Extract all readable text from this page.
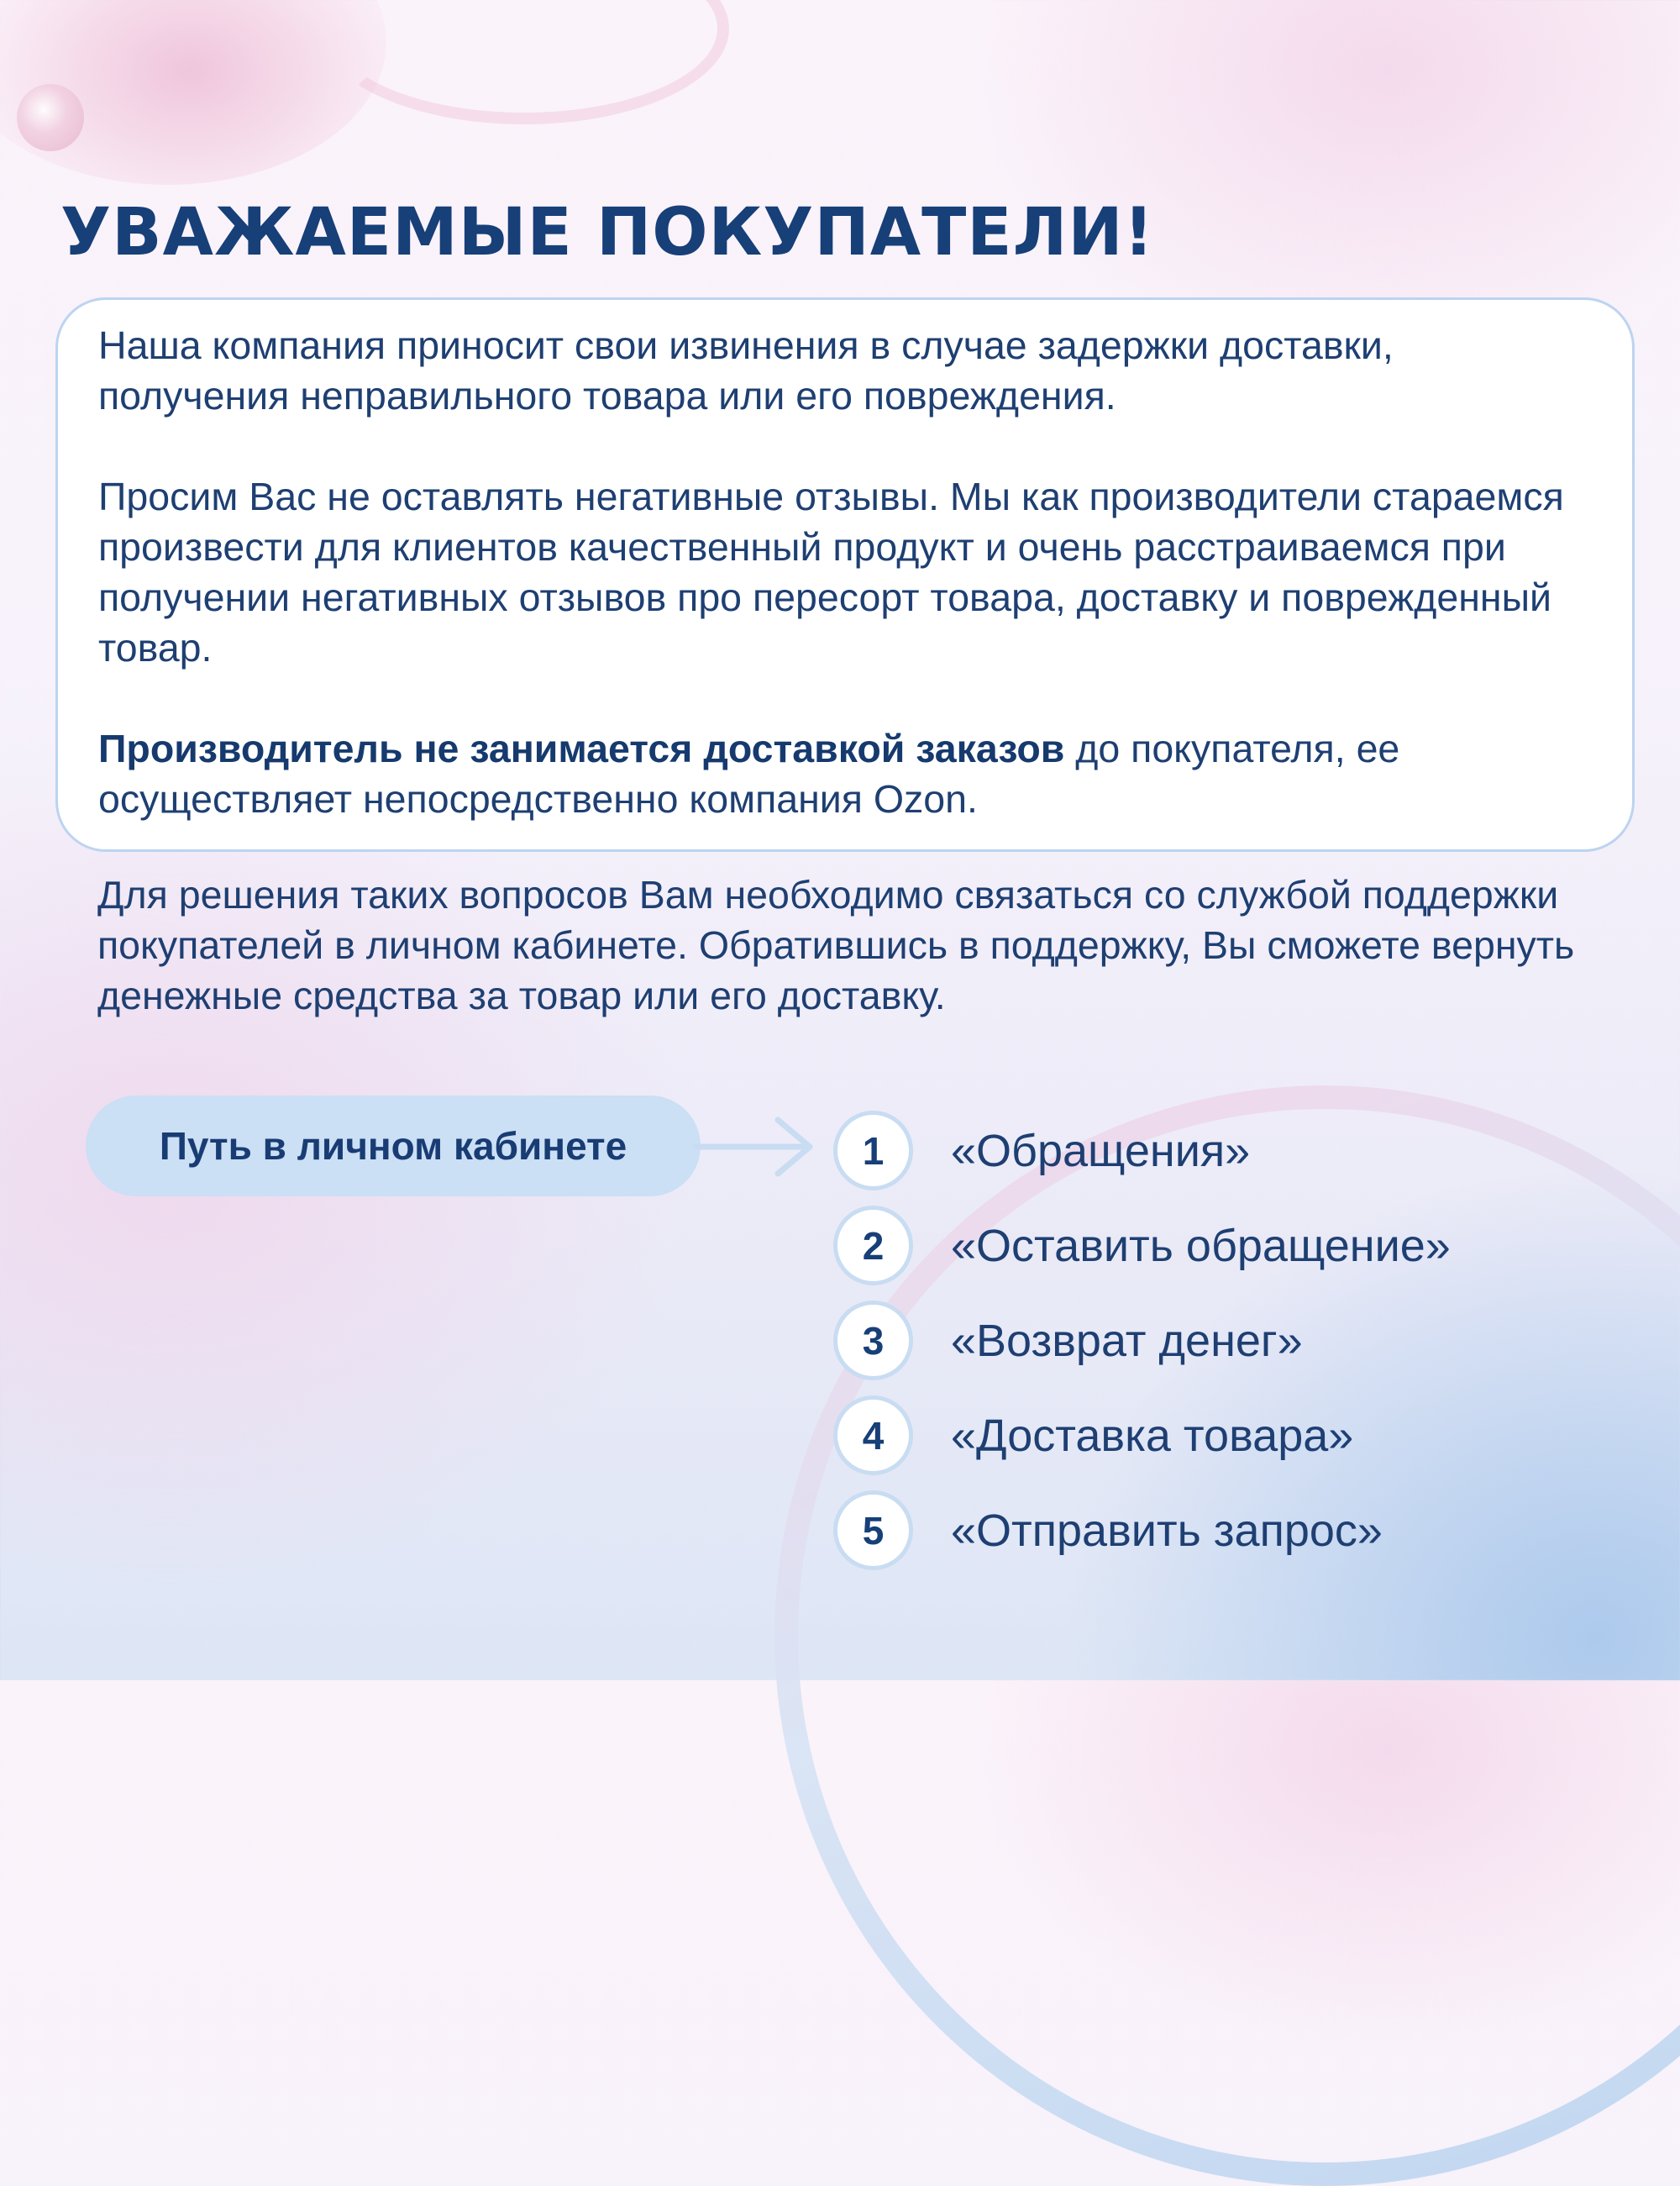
УВАЖАЕМЫЕ ПОКУПАТЕЛИ!

Наша компания приносит свои извинения в случае задержки доставки, получения неправильного товара или его повреждения.

Просим Вас не оставлять негативные отзывы. Мы как производители стараемся произвести для клиентов качественный продукт и очень расстраиваемся при получении негативных отзывов про пересорт товара, доставку и поврежденный товар.

Производитель не занимается доставкой заказов до покупателя, ее осуществляет непосредственно компания Ozon.

Для решения таких вопросов Вам необходимо связаться со службой поддержки покупателей в личном кабинете. Обратившись в поддержку, Вы сможете вернуть денежные средства за товар или его доставку.

Путь в личном кабинете	1	«Обращения»
2	«Оставить обращение»
3	«Возврат денег»
4	«Доставка товара»
5	«Отправить запрос»
